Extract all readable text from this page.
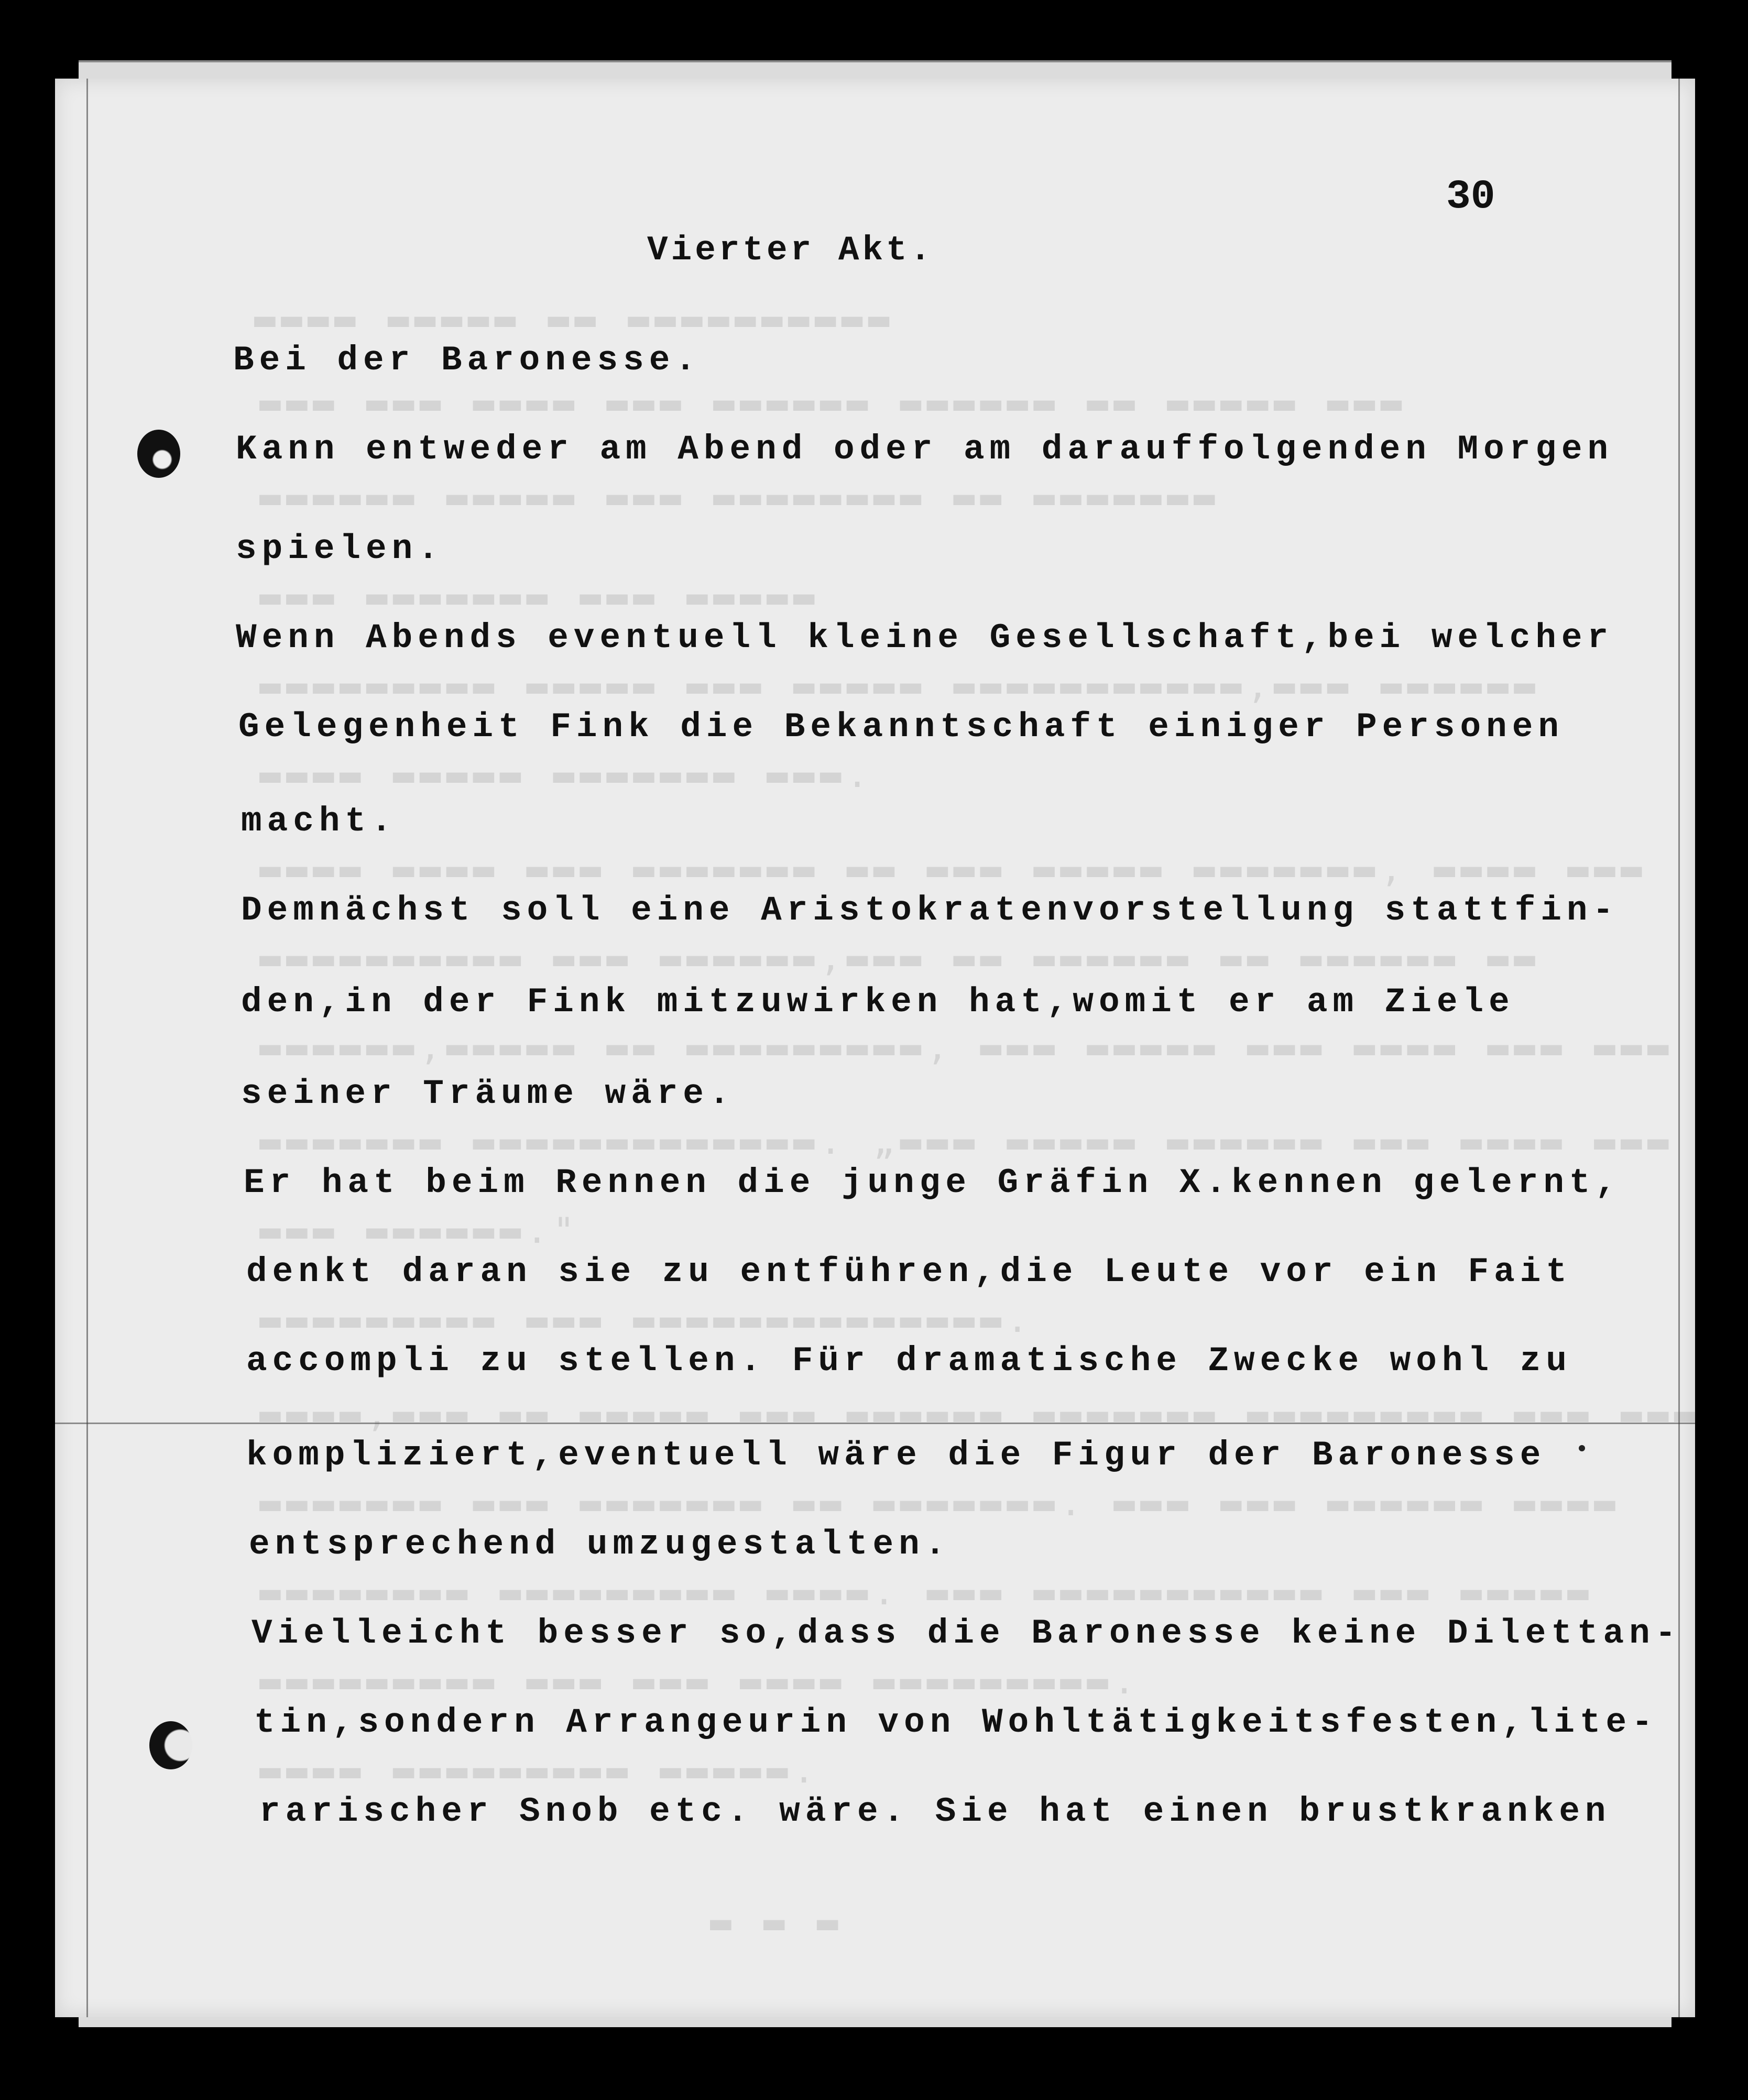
▬▬▬▬ ▬▬▬▬▬ ▬▬ ▬▬▬▬▬▬▬▬▬▬
▬▬▬ ▬▬▬ ▬▬▬▬ ▬▬▬ ▬▬▬▬▬▬ ▬▬▬▬▬▬ ▬▬ ▬▬▬▬▬ ▬▬▬
▬▬▬▬▬▬ ▬▬▬▬▬ ▬▬▬ ▬▬▬▬▬▬▬▬ ▬▬ ▬▬▬▬▬▬▬
▬▬▬ ▬▬▬▬▬▬▬ ▬▬▬ ▬▬▬▬▬
▬▬▬▬▬▬▬▬▬ ▬▬▬▬▬ ▬▬▬ ▬▬▬▬▬ ▬▬▬▬▬▬▬▬▬▬▬,▬▬▬ ▬▬▬▬▬▬
▬▬▬▬ ▬▬▬▬▬ ▬▬▬▬▬▬▬ ▬▬▬.
▬▬▬▬ ▬▬▬▬ ▬▬▬ ▬▬▬▬▬▬▬ ▬▬ ▬▬▬ ▬▬▬▬▬ ▬▬▬▬▬▬▬, ▬▬▬▬ ▬▬▬
▬▬▬▬▬▬▬▬▬▬ ▬▬▬ ▬▬▬▬▬▬,▬▬▬ ▬▬ ▬▬▬▬▬▬ ▬▬ ▬▬▬▬▬▬ ▬▬
▬▬▬▬▬▬,▬▬▬▬▬ ▬▬ ▬▬▬▬▬▬▬▬▬, ▬▬▬ ▬▬▬▬▬ ▬▬▬ ▬▬▬▬ ▬▬▬ ▬▬▬
▬▬▬▬▬▬▬ ▬▬▬▬▬▬▬▬▬▬▬▬▬. „▬▬▬ ▬▬▬▬▬ ▬▬▬▬▬▬ ▬▬▬ ▬▬▬▬ ▬▬▬
▬▬▬ ▬▬▬▬▬▬."
▬▬▬▬▬▬▬▬▬ ▬▬▬ ▬▬▬▬▬▬▬▬▬▬▬▬▬▬.
▬▬▬▬,▬▬▬ ▬▬ ▬▬▬▬▬ ▬▬▬ ▬▬▬▬▬▬ ▬▬▬▬▬▬▬ ▬▬▬▬▬▬▬▬▬ ▬▬▬ ▬▬▬
▬▬▬▬▬▬▬ ▬▬▬ ▬▬▬▬▬▬▬ ▬▬ ▬▬▬▬▬▬▬. ▬▬▬ ▬▬▬ ▬▬▬▬▬▬ ▬▬▬▬
▬▬▬▬▬▬▬▬ ▬▬▬▬▬▬▬▬▬ ▬▬▬▬. ▬▬▬ ▬▬▬▬▬▬▬▬▬▬▬ ▬▬▬ ▬▬▬▬▬
▬▬▬▬▬▬▬▬▬ ▬▬▬ ▬▬▬ ▬▬▬▬ ▬▬▬▬▬▬▬▬▬.
▬▬▬▬ ▬▬▬▬▬▬▬▬▬ ▬▬▬▬▬.
▬ ▬ ▬
30
Vierter Akt.
Bei der Baronesse.
Kann entweder am Abend oder am darauffolgenden Morgen
spielen.
Wenn Abends eventuell kleine Gesellschaft,bei welcher
Gelegenheit Fink die Bekanntschaft einiger Personen
macht.
Demnächst soll eine Aristokratenvorstellung stattfin-
den,in der Fink mitzuwirken hat,womit er am Ziele
seiner Träume wäre.
Er hat beim Rennen die junge Gräfin X.kennen gelernt,
denkt daran sie zu entführen,die Leute vor ein Fait
accompli zu stellen. Für dramatische Zwecke wohl zu
kompliziert,eventuell wäre die Figur der Baronesse
entsprechend umzugestalten.
Vielleicht besser so,dass die Baronesse keine Dilettan-
tin,sondern Arrangeurin von Wohltätigkeitsfesten,lite-
rarischer Snob etc. wäre. Sie hat einen brustkranken
